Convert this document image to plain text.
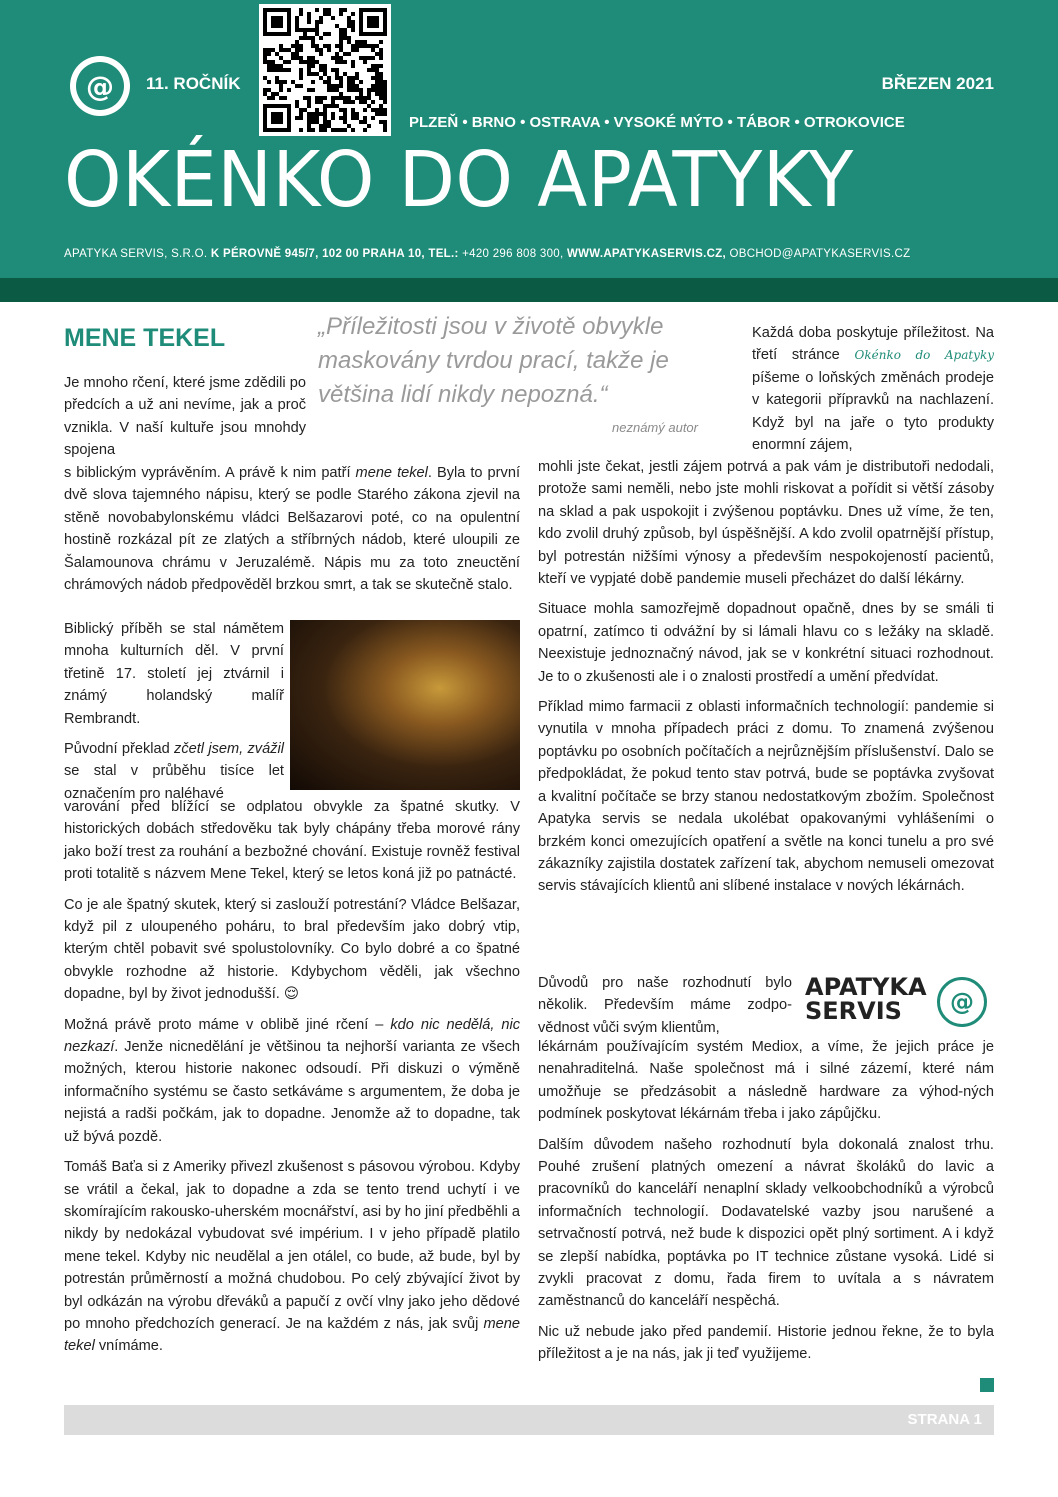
@	11. ROČNÍK	BŘEZEN 2021
PLZEŇ • BRNO • OSTRAVA • VYSOKÉ MÝTO • TÁBOR • OTROKOVICE
OKÉNKO DO APATYKY
APATYKA SERVIS, S.R.O. K PÉROVNĚ 945/7, 102 00 PRAHA 10, TEL.: +420 296 808 300, WWW.APATYKASERVIS.CZ, OBCHOD@APATYKASERVIS.CZ
MENE TEKEL	„Příležitosti jsou v životě obvykle maskovány tvrdou prací, takže je většina lidí nikdy nepozná.“
neznámý autor

Je mnoho rčení, které jsme zdědili po předcích a už ani nevíme, jak a proč vznikla. V naší kultuře jsou mnohdy spojena

s biblickým vyprávěním. A právě k nim patří mene tekel. Byla to první dvě slova tajemného nápisu, který se podle Starého zákona zjevil na stěně novobabylonskému vládci Belšazarovi poté, co na opulentní hostině rozkázal pít ze zlatých a stříbrných nádob, které uloupili ze Šalamounova chrámu v Jeruzalémě. Nápis mu za toto zneuctění chrámových nádob předpověděl brzkou smrt, a tak se skutečně stalo.

Biblický příběh se stal námětem mnoha kulturních děl. V první třetině 17. století jej ztvárnil i známý holandský malíř Rembrandt.

Původní překlad zčetl jsem, zvážil se stal v průběhu tisíce let označením pro naléhavé

varování před blížící se odplatou obvykle za špatné skutky. V historických dobách středověku tak byly chápány třeba morové rány jako boží trest za rouhání a bezbožné chování. Existuje rovněž festival proti totalitě s názvem Mene Tekel, který se letos koná již po patnácté.

Co je ale špatný skutek, který si zaslouží potrestání? Vládce Belšazar, když pil z uloupeného poháru, to bral především jako dobrý vtip, kterým chtěl pobavit své spolustolovníky. Co bylo dobré a co špatné obvykle rozhodne až historie. Kdybychom věděli, jak všechno dopadne, byl by život jednodušší. 😌

Možná právě proto máme v oblibě jiné rčení – kdo nic nedělá, nic nezkazí. Jenže nicnedělání je většinou ta nejhorší varianta ze všech možných, kterou historie nakonec odsoudí. Při diskuzi o výměně informačního systému se často setkáváme s argumentem, že doba je nejistá a radši počkám, jak to dopadne. Jenomže až to dopadne, tak už bývá pozdě.

Tomáš Baťa si z Ameriky přivezl zkušenost s pásovou výrobou. Kdyby se vrátil a čekal, jak to dopadne a zda se tento trend uchytí i ve skomírajícím rakousko-uherském mocnářství, asi by ho jiní předběhli a nikdy by nedokázal vybudovat své impérium. I v jeho případě platilo mene tekel. Kdyby nic neudělal a jen otálel, co bude, až bude, byl by potrestán průměrností a možná chudobou. Po celý zbývající život by byl odkázán na výrobu dřeváků a papučí z ovčí vlny jako jeho dědové po mnoho předchozích generací. Je na každém z nás, jak svůj mene tekel vnímáme.

Každá doba poskytuje příležitost. Na třetí stránce Okénko do Apatyky píšeme o loňských změnách prodeje v kategorii přípravků na nachlazení. Když byl na jaře o tyto produkty enormní zájem,

mohli jste čekat, jestli zájem potrvá a pak vám je distributoři nedodali, protože sami neměli, nebo jste mohli riskovat a pořídit si větší zásoby na sklad a pak uspokojit i zvýšenou poptávku. Dnes už víme, že ten, kdo zvolil druhý způsob, byl úspěšnější. A kdo zvolil opatrnější přístup, byl potrestán nižšími výnosy a především nespokojeností pacientů, kteří ve vypjaté době pandemie museli přecházet do další lékárny.

Situace mohla samozřejmě dopadnout opačně, dnes by se smáli ti opatrní, zatímco ti odvážní by si lámali hlavu co s ležáky na skladě. Neexistuje jednoznačný návod, jak se v konkrétní situaci rozhodnout. Je to o zkušenosti ale i o znalosti prostředí a umění předvídat.

Příklad mimo farmacii z oblasti informačních technologií: pandemie si vynutila v mnoha případech práci z domu. To znamená zvýšenou poptávku po osobních počítačích a nejrůznějším příslušenství. Dalo se předpokládat, že pokud tento stav potrvá, bude se poptávka zvyšovat a kvalitní počítače se brzy stanou nedostatkovým zbožím. Společnost Apatyka servis se nedala ukolébat opakovanými vyhlášeními o brzkém konci omezujících opatření a světle na konci tunelu a pro své zákazníky zajistila dostatek zařízení tak, abychom nemuseli omezovat servis stávajících klientů ani slíbené instalace v nových lékárnách.

Důvodů pro naše rozhodnutí bylo několik. Především máme zodpo-vědnost vůči svým klientům,

APATYKA
SERVIS	@

lékárnám používajícím systém Mediox, a víme, že jejich práce je nenahraditelná. Naše společnost má i silné zázemí, které nám umožňuje se předzásobit a následně hardware za výhod-ných podmínek poskytovat lékárnám třeba i jako zápůjčku.

Dalším důvodem našeho rozhodnutí byla dokonalá znalost trhu. Pouhé zrušení platných omezení a návrat školáků do lavic a pracovníků do kanceláří nenaplní sklady velkoobchodníků a výrobců informačních technologií. Dodavatelské vazby jsou narušené a setrvačností potrvá, než bude k dispozici opět plný sortiment. A i když se zlepší nabídka, poptávka po IT technice zůstane vysoká. Lidé si zvykli pracovat z domu, řada firem to uvítala a s návratem zaměstnanců do kanceláří nespěchá.

Nic už nebude jako před pandemií. Historie jednou řekne, že to byla příležitost a je na nás, jak ji teď využijeme.

STRANA 1
